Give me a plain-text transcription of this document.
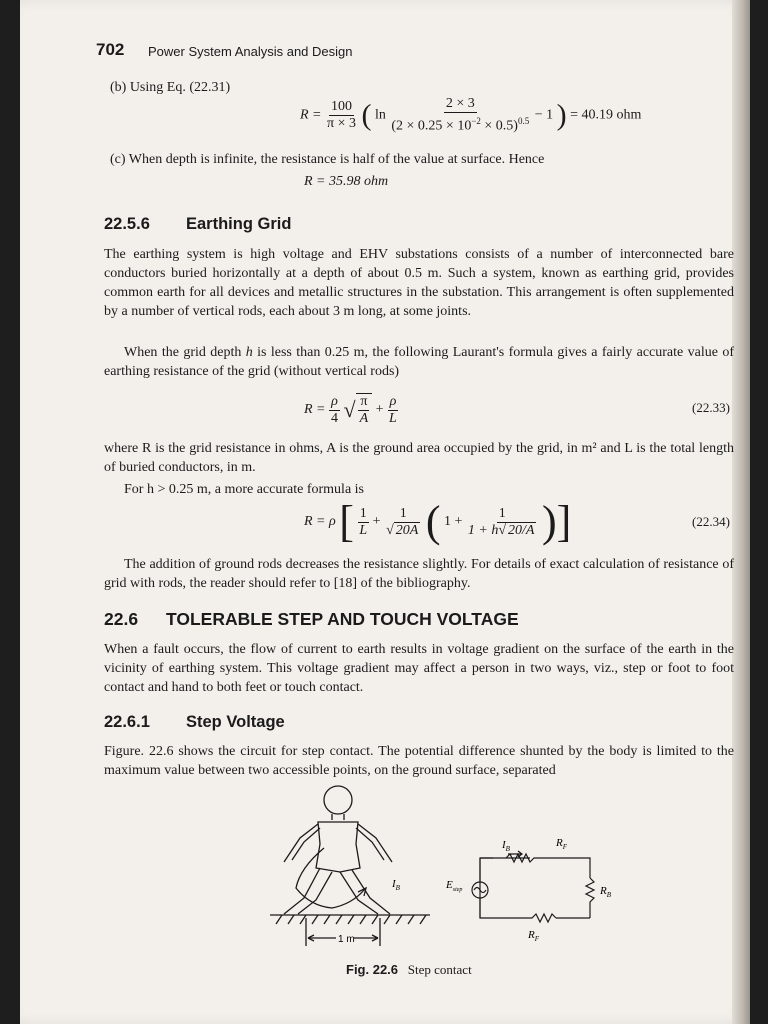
702 Power System Analysis and Design
(b) Using Eq. (22.31)
$R = \frac{100}{\pi \times 3}$ ( $\ln \frac{2 \times 3}{(2 \times 0.25 \times 10^{-2} \times 0.5)^{0.5}} - 1$ ) = 40.19 ohm
(c) When depth is infinite, the resistance is half of the value at surface. Hence
R = 35.98 ohm
22.5.6 Earthing Grid
The earthing system is high voltage and EHV substations consists of a number of interconnected bare conductors buried horizontally at a depth of about 0.5 m. Such a system, known as earthing grid, provides common earth for all devices and metallic structures in the substation. This arrangement is often supplemented by a number of vertical rods, each about 3 m long, at some joints.
When the grid depth h is less than 0.25 m, the following Laurant's formula gives a fairly accurate value of earthing resistance of the grid (without vertical rods)
$R = \frac{\rho}{4}$ √ $\frac{\pi}{A} + \frac{\rho}{L}$	(22.33)
where R is the grid resistance in ohms, A is the ground area occupied by the grid, in m² and L is the total length of buried conductors, in m.
For h > 0.25 m, a more accurate formula is
R = ρ [ $\frac{1}{L} + \frac{1}{√ 20A}$ ( $1 + \frac{1}{1 + h√ 20/A}$ )]	(22.34)
The addition of ground rods decreases the resistance slightly. For details of exact calculation of resistance of grid with rods, the reader should refer to [18] of the bibliography.
22.6 TOLERABLE STEP AND TOUCH VOLTAGE
When a fault occurs, the flow of current to earth results in voltage gradient on the surface of the earth in the vicinity of earthing system. This voltage gradient may affect a person in two ways, viz., step or foot to foot contact and hand to both feet or touch contact.
22.6.1 Step Voltage
Figure. 22.6 shows the circuit for step contact. The potential difference shunted by the body is limited to the maximum value between two accessible points, on the ground surface, separated
$I_B$
1 m
$I_B$	$R_F$
$R_B$
$R_F$
$E_{step}$
Fig. 22.6 Step contact
